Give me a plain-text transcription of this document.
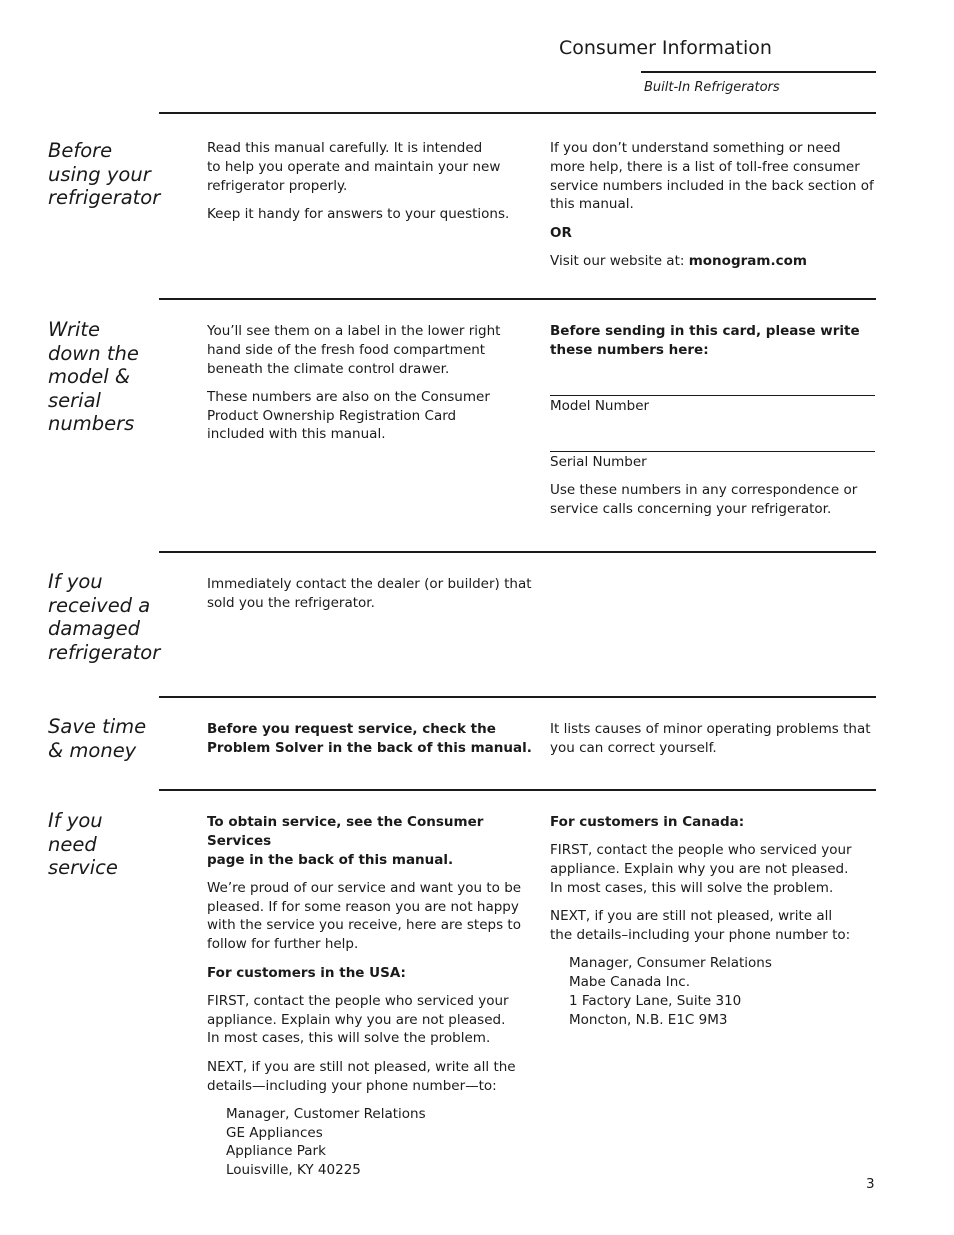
Consumer Information
Built-In Refrigerators
Before
using your
refrigerator

Read this manual carefully. It is intended
to help you operate and maintain your new
refrigerator properly.

Keep it handy for answers to your questions.

If you don’t understand something or need more help, there is a list of toll-free consumer service numbers included in the back section of this manual.

OR

Visit our website at: monogram.com

Write
down the
model &
serial
numbers

You’ll see them on a label in the lower right hand side of the fresh food compartment beneath the climate control drawer.

These numbers are also on the Consumer
Product Ownership Registration Card
included with this manual.

Before sending in this card, please write these numbers here:

Model Number
Serial Number

Use these numbers in any correspondence or service calls concerning your refrigerator.

If you
received a
damaged
refrigerator

Immediately contact the dealer (or builder) that
sold you the refrigerator.

Save time
& money

Before you request service, check the
Problem Solver in the back of this manual.

It lists causes of minor operating problems that
you can correct yourself.

If you
need
service

To obtain service, see the Consumer Services
page in the back of this manual.

We’re proud of our service and want you to be pleased. If for some reason you are not happy with the service you receive, here are steps to follow for further help.

For customers in the USA:

FIRST, contact the people who serviced your
appliance. Explain why you are not pleased.
In most cases, this will solve the problem.

NEXT, if you are still not pleased, write all the
details—including your phone number—to:

Manager, Customer Relations
GE Appliances
Appliance Park
Louisville, KY 40225

For customers in Canada:

FIRST, contact the people who serviced your
appliance. Explain why you are not pleased.
In most cases, this will solve the problem.

NEXT, if you are still not pleased, write all
the details–including your phone number to:

Manager, Consumer Relations
Mabe Canada Inc.
1 Factory Lane, Suite 310
Moncton, N.B. E1C 9M3
3
